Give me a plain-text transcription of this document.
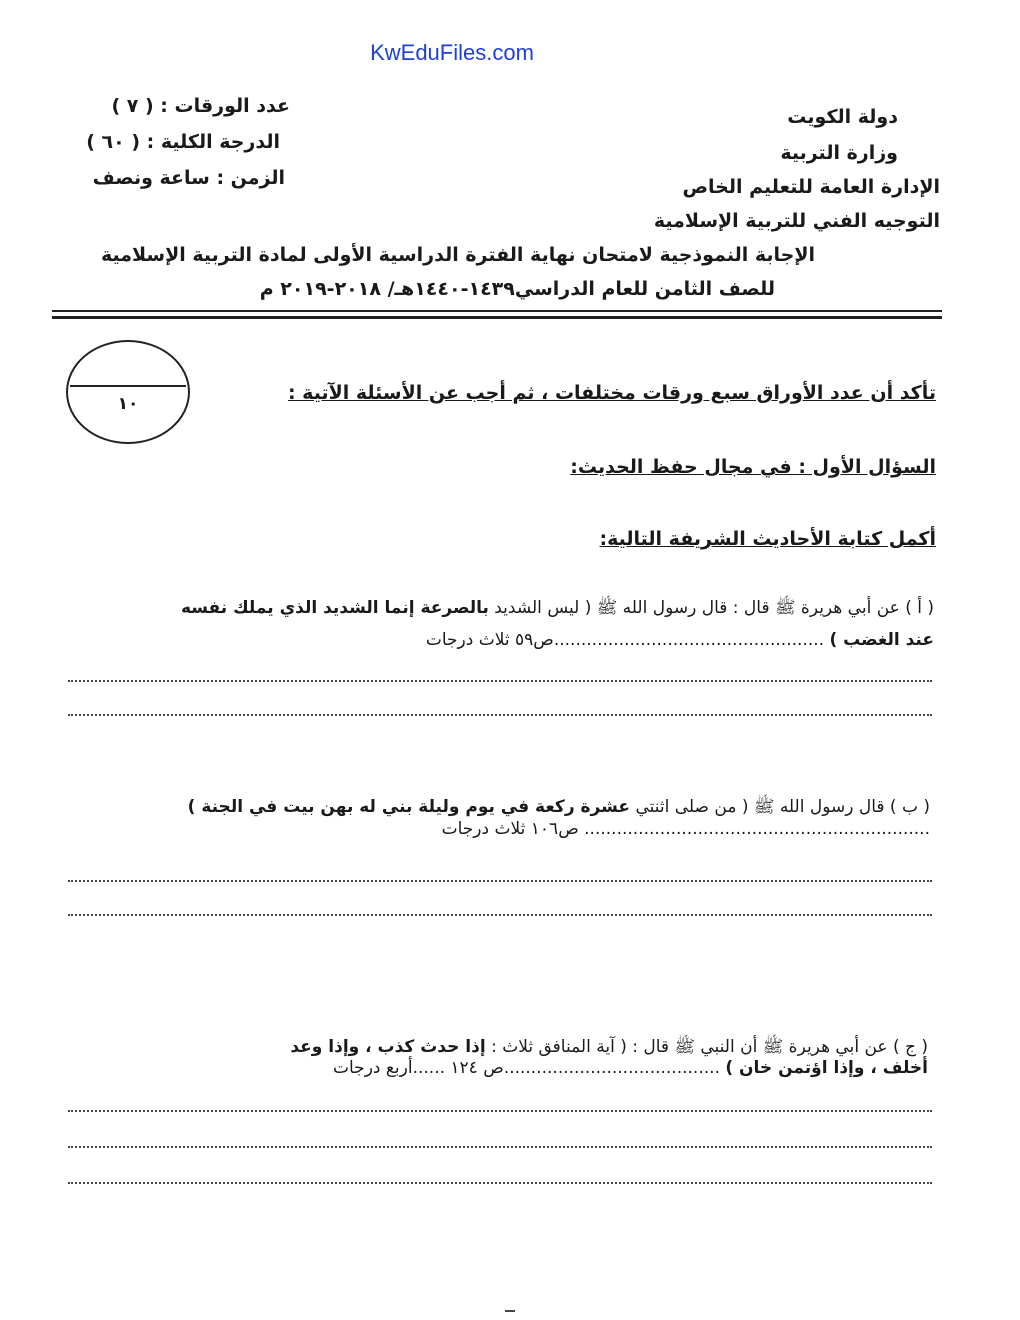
KwEduFiles.com
دولة الكويت
وزارة التربية
الإدارة العامة للتعليم الخاص
التوجيه الفني للتربية الإسلامية
عدد الورقات : ( ٧ )
الدرجة الكلية : ( ٦٠ )
الزمن : ساعة ونصف
الإجابة النموذجية لامتحان نهاية الفترة الدراسية الأولى لمادة التربية الإسلامية
للصف الثامن للعام الدراسي١٤٣٩-١٤٤٠هـ/ ٢٠١٨-٢٠١٩ م
١٠	تأكد أن عدد الأوراق سبع ورقات مختلفات ، ثم أجب عن الأسئلة الآتية :
السؤال الأول : في مجال حفظ الحديث:
أكمل كتابة الأحاديث الشريفة التالية:
( أ ) عن أبي هريرة ﷺ قال : قال رسول الله ﷺ ( ليس الشديد بالصرعة إنما الشديد الذي يملك نفسه
عند الغضب ) ..................................................ص٥٩ ثلاث درجات
( ب ) قال رسول الله ﷺ ( من صلى اثنتي عشرة ركعة في يوم وليلة بني له بهن بيت في الجنة )
................................................................ ص١٠٦ ثلاث درجات
( ج ) عن أبي هريرة ﷺ أن النبي ﷺ قال : ( آية المنافق ثلاث : إذا حدث كذب ، وإذا وعد
أخلف ، وإذا اؤتمن خان ) ........................................ص ١٢٤ ......أربع درجات
